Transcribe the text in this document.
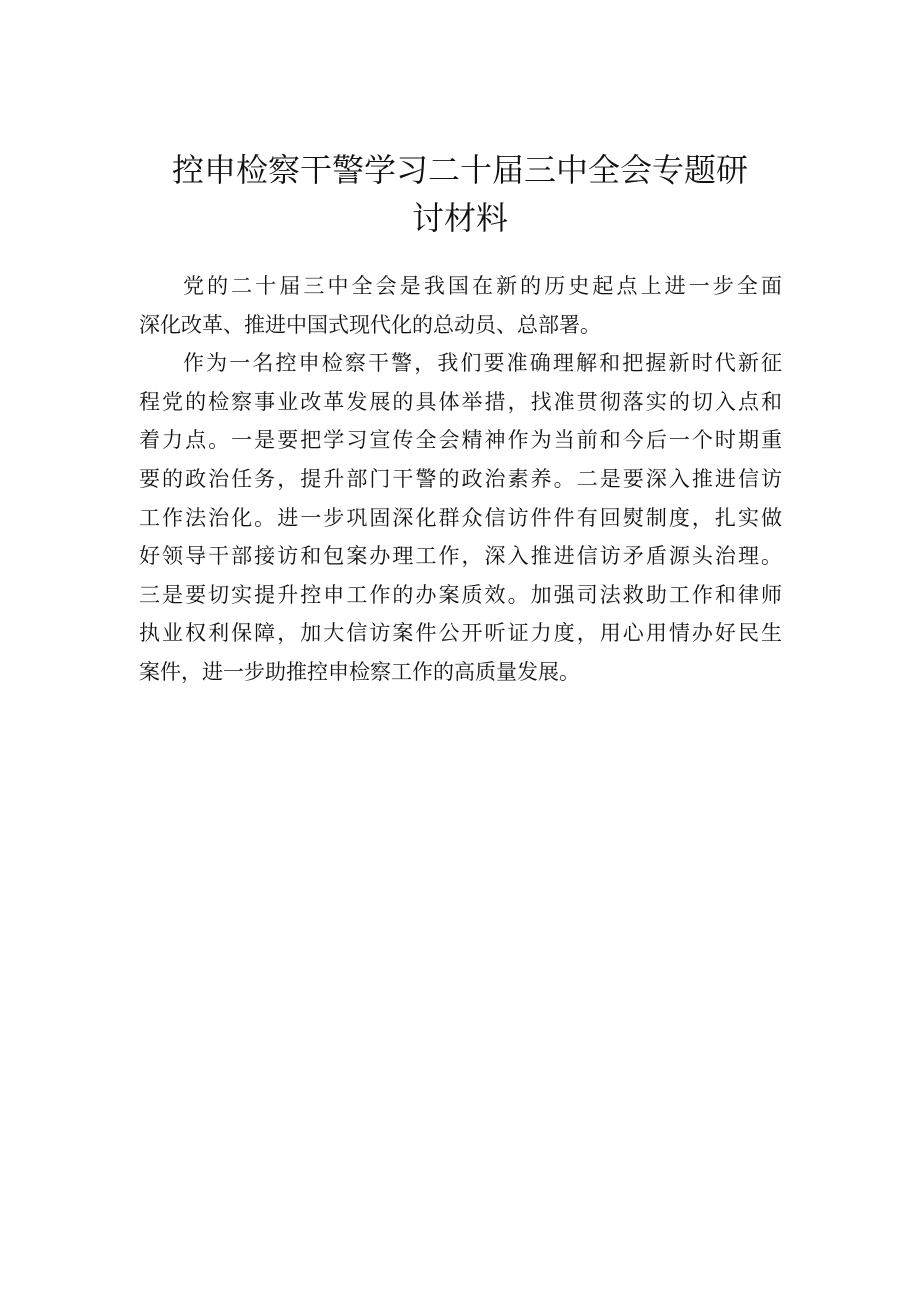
控申检察干警学习二十届三中全会专题研
讨材料
党的二十届三中全会是我国在新的历史起点上进一步全面
深化改革、推进中国式现代化的总动员、总部署。
作为一名控申检察干警，我们要准确理解和把握新时代新征
程党的检察事业改革发展的具体举措，找准贯彻落实的切入点和
着力点。一是要把学习宣传全会精神作为当前和今后一个时期重
要的政治任务，提升部门干警的政治素养。二是要深入推进信访
工作法治化。进一步巩固深化群众信访件件有回熨制度，扎实做
好领导干部接访和包案办理工作，深入推进信访矛盾源头治理。
三是要切实提升控申工作的办案质效。加强司法救助工作和律师
执业权利保障，加大信访案件公开听证力度，用心用情办好民生
案件，进一步助推控申检察工作的高质量发展。
